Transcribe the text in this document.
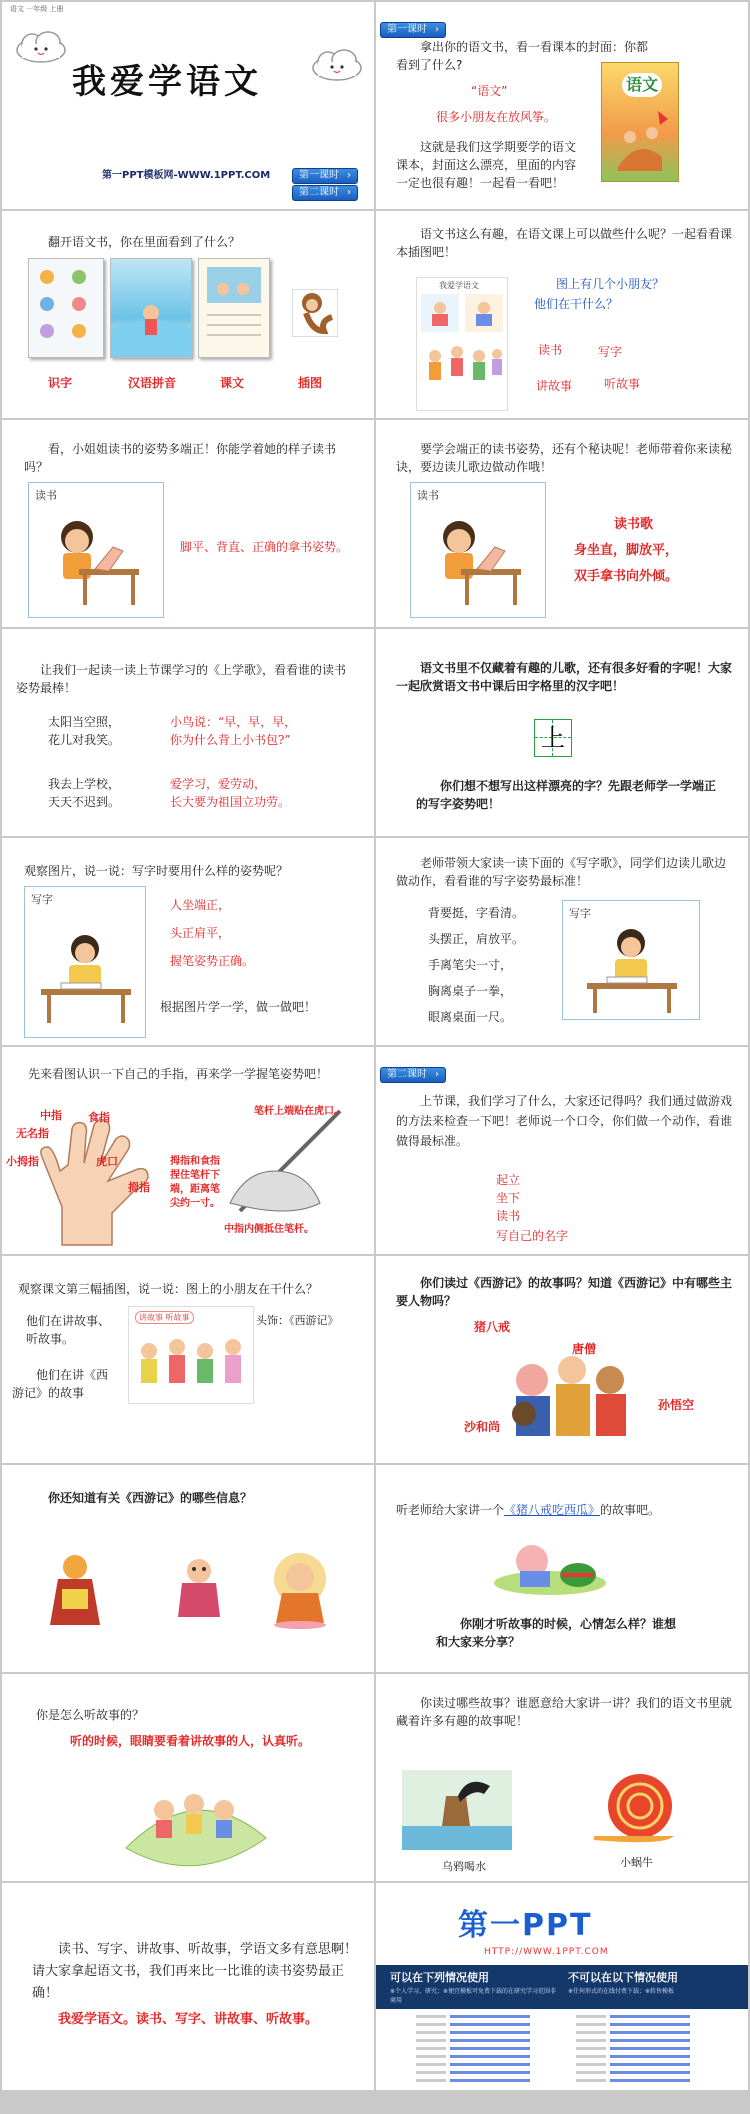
语文 一年级 上册
我爱学语文
第一PPT模板网-WWW.1PPT.COM	第一课时 ›
第二课时 ›
第一课时 ›
拿出你的语文书，看一看课本的封面：你都看到了什么?
“语文”
很多小朋友在放风筝。
这就是我们这学期要学的语文课本，封面这么漂亮，里面的内容一定也很有趣！一起看一看吧！
语文
翻开语文书，你在里面看到了什么？
识字	汉语拼音	课文	插图
语文书这么有趣，在语文课上可以做些什么呢？一起看看课本插图吧！
我爱学语文	图上有几个小朋友？
他们在干什么？
读书	写字
讲故事	听故事
看，小姐姐读书的姿势多端正！你能学着她的样子读书吗？
读书
脚平、背直、正确的拿书姿势。
要学会端正的读书姿势，还有个秘诀呢！老师带着你来读秘诀，要边读儿歌边做动作哦！
读书
读书歌
身坐直，脚放平，
双手拿书向外倾。
让我们一起读一读上节课学习的《上学歌》，看看谁的读书姿势最棒！
太阳当空照，
花儿对我笑。
小鸟说：“早，早，早，
你为什么背上小书包?”
我去上学校，
天天不迟到。
爱学习，爱劳动，
长大要为祖国立功劳。
语文书里不仅藏着有趣的儿歌，还有很多好看的字呢！大家一起欣赏语文书中课后田字格里的汉字吧！
上
你们想不想写出这样漂亮的字？先跟老师学一学端正的写字姿势吧！
观察图片，说一说：写字时要用什么样的姿势呢？
写字	人坐端正，
头正肩平，
握笔姿势正确。
根据图片学一学，做一做吧！
老师带领大家读一读下面的《写字歌》，同学们边读儿歌边做动作，看看谁的写字姿势最标准！
背要挺，字看清。
头摆正，肩放平。
手离笔尖一寸，
胸离桌子一拳，
眼离桌面一尺。
写字
先来看图认识一下自己的手指，再来学一学握笔姿势吧！
中指 食指
无名指
小拇指
拇指
虎口
笔杆上端贴在虎口。
拇指和食指捏住笔杆下端，距离笔尖约一寸。
中指内侧抵住笔杆。
第二课时 ›
上节课，我们学习了什么，大家还记得吗？我们通过做游戏的方法来检查一下吧！老师说一个口令，你们做一个动作，看谁做得最标准。
起立
坐下
读书
写自己的名字
观察课文第三幅插图，说一说：图上的小朋友在干什么？
他们在讲故事、听故事。
他们在讲《西游记》的故事
讲故事 听故事	头饰：《西游记》
你们读过《西游记》的故事吗？知道《西游记》中有哪些主要人物吗？
猪八戒
唐僧
孙悟空
沙和尚
你还知道有关《西游记》的哪些信息？
听老师给大家讲一个《猪八戒吃西瓜》的故事吧。
你刚才听故事的时候，心情怎么样？谁想和大家来分享？
你是怎么听故事的？
听的时候，眼睛要看着讲故事的人，认真听。
你读过哪些故事？谁愿意给大家讲一讲？我们的语文书里就藏着许多有趣的故事呢！
乌鸦喝水	小蜗牛
读书、写字、讲故事、听故事，学语文多有意思啊！请大家拿起语文书，我们再来比一比谁的读书姿势最正确！
我爱学语文。读书、写字、讲故事、听故事。
第一PPT
HTTP://WWW.1PPT.COM
可以在下列情况使用	不可以在以下情况使用
※个人学习、研究；※便宜模板可免费下载的在研究学习范围非商用
※任何形式的在线付费下载；※转售模板
